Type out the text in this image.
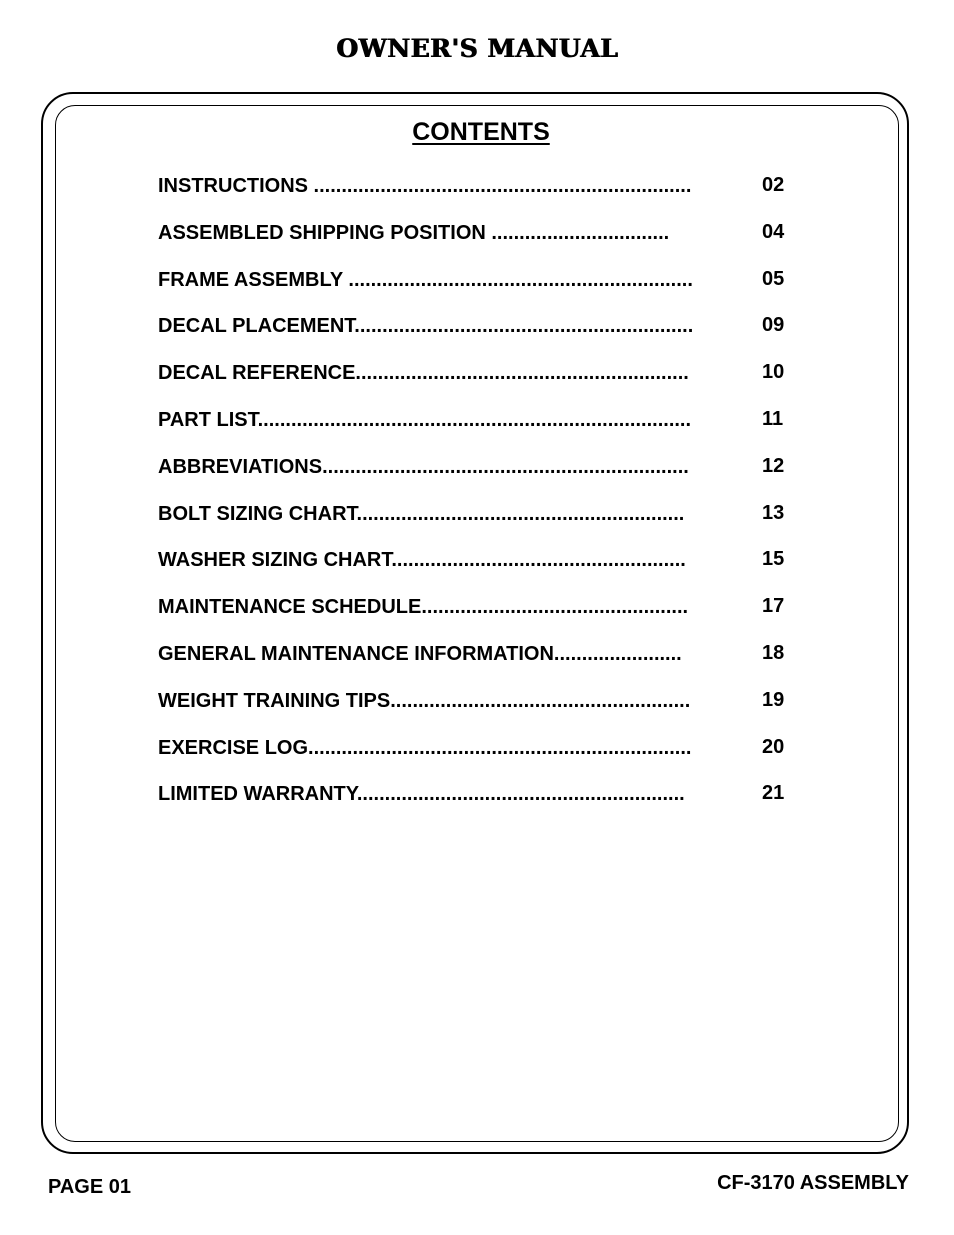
OWNER'S MANUAL
CONTENTS
INSTRUCTIONS ....................................................................	02
ASSEMBLED SHIPPING POSITION ................................	04
FRAME ASSEMBLY ..............................................................	05
DECAL PLACEMENT.............................................................	09
DECAL REFERENCE............................................................	10
PART LIST..............................................................................	11
ABBREVIATIONS..................................................................	12
BOLT SIZING CHART...........................................................	13
WASHER SIZING CHART.....................................................	15
MAINTENANCE SCHEDULE................................................	17
GENERAL MAINTENANCE INFORMATION.......................	18
WEIGHT TRAINING TIPS......................................................	19
EXERCISE LOG.....................................................................	20
LIMITED WARRANTY...........................................................	21
PAGE 01	CF-3170 ASSEMBLY
